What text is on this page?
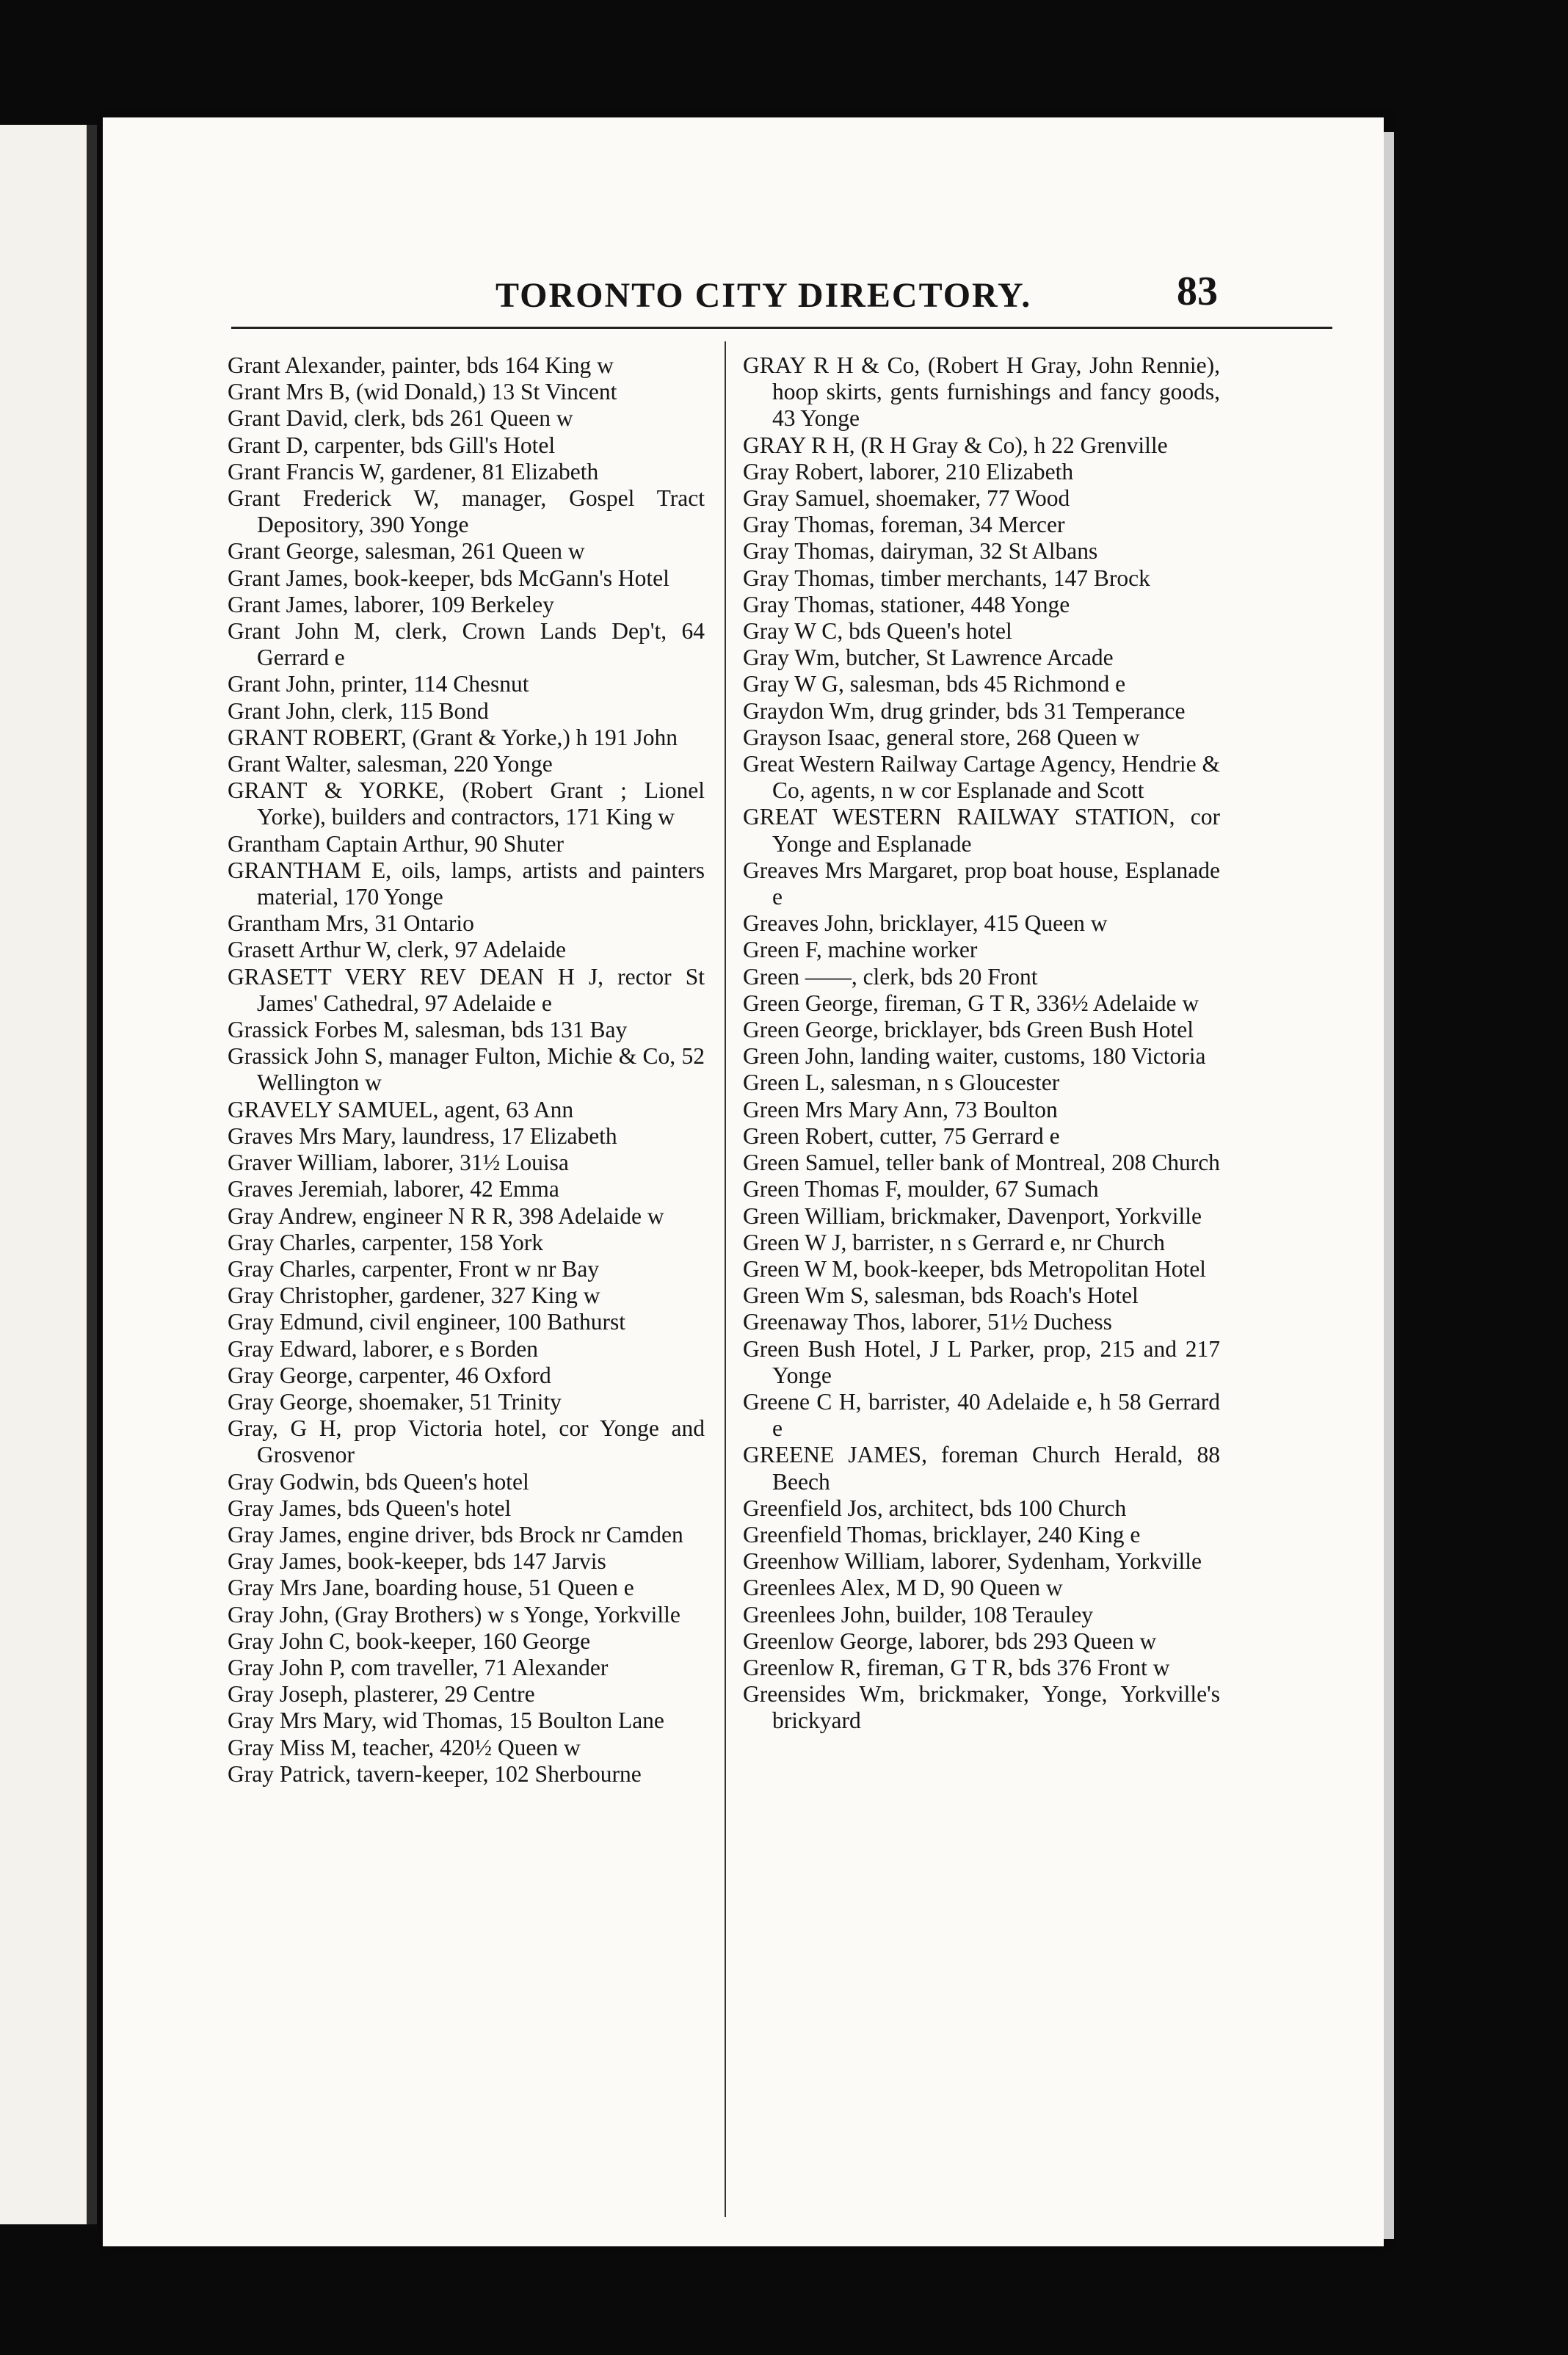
TORONTO CITY DIRECTORY.	83
Grant Alexander, painter, bds 164 King w
Grant Mrs B, (wid Donald,) 13 St Vincent
Grant David, clerk, bds 261 Queen w
Grant D, carpenter, bds Gill's Hotel
Grant Francis W, gardener, 81 Elizabeth
Grant Frederick W, manager, Gospel Tract Depository, 390 Yonge
Grant George, salesman, 261 Queen w
Grant James, book-keeper, bds McGann's Hotel
Grant James, laborer, 109 Berkeley
Grant John M, clerk, Crown Lands Dep't, 64 Gerrard e
Grant John, printer, 114 Chesnut
Grant John, clerk, 115 Bond
GRANT ROBERT, (Grant & Yorke,) h 191 John
Grant Walter, salesman, 220 Yonge
GRANT & YORKE, (Robert Grant ; Lionel Yorke), builders and contractors, 171 King w
Grantham Captain Arthur, 90 Shuter
GRANTHAM E, oils, lamps, artists and painters material, 170 Yonge
Grantham Mrs, 31 Ontario
Grasett Arthur W, clerk, 97 Adelaide
GRASETT VERY REV DEAN H J, rector St James' Cathedral, 97 Adelaide e
Grassick Forbes M, salesman, bds 131 Bay
Grassick John S, manager Fulton, Michie & Co, 52 Wellington w
GRAVELY SAMUEL, agent, 63 Ann
Graves Mrs Mary, laundress, 17 Elizabeth
Graver William, laborer, 31½ Louisa
Graves Jeremiah, laborer, 42 Emma
Gray Andrew, engineer N R R, 398 Adelaide w
Gray Charles, carpenter, 158 York
Gray Charles, carpenter, Front w nr Bay
Gray Christopher, gardener, 327 King w
Gray Edmund, civil engineer, 100 Bathurst
Gray Edward, laborer, e s Borden
Gray George, carpenter, 46 Oxford
Gray George, shoemaker, 51 Trinity
Gray, G H, prop Victoria hotel, cor Yonge and Grosvenor
Gray Godwin, bds Queen's hotel
Gray James, bds Queen's hotel
Gray James, engine driver, bds Brock nr Camden
Gray James, book-keeper, bds 147 Jarvis
Gray Mrs Jane, boarding house, 51 Queen e
Gray John, (Gray Brothers) w s Yonge, Yorkville
Gray John C, book-keeper, 160 George
Gray John P, com traveller, 71 Alexander
Gray Joseph, plasterer, 29 Centre
Gray Mrs Mary, wid Thomas, 15 Boulton Lane
Gray Miss M, teacher, 420½ Queen w
Gray Patrick, tavern-keeper, 102 Sherbourne
GRAY R H & Co, (Robert H Gray, John Rennie), hoop skirts, gents furnishings and fancy goods, 43 Yonge
GRAY R H, (R H Gray & Co), h 22 Grenville
Gray Robert, laborer, 210 Elizabeth
Gray Samuel, shoemaker, 77 Wood
Gray Thomas, foreman, 34 Mercer
Gray Thomas, dairyman, 32 St Albans
Gray Thomas, timber merchants, 147 Brock
Gray Thomas, stationer, 448 Yonge
Gray W C, bds Queen's hotel
Gray Wm, butcher, St Lawrence Arcade
Gray W G, salesman, bds 45 Richmond e
Graydon Wm, drug grinder, bds 31 Temperance
Grayson Isaac, general store, 268 Queen w
Great Western Railway Cartage Agency, Hendrie & Co, agents, n w cor Esplanade and Scott
GREAT WESTERN RAILWAY STATION, cor Yonge and Esplanade
Greaves Mrs Margaret, prop boat house, Esplanade e
Greaves John, bricklayer, 415 Queen w
Green F, machine worker
Green ——, clerk, bds 20 Front
Green George, fireman, G T R, 336½ Adelaide w
Green George, bricklayer, bds Green Bush Hotel
Green John, landing waiter, customs, 180 Victoria
Green L, salesman, n s Gloucester
Green Mrs Mary Ann, 73 Boulton
Green Robert, cutter, 75 Gerrard e
Green Samuel, teller bank of Montreal, 208 Church
Green Thomas F, moulder, 67 Sumach
Green William, brickmaker, Davenport, Yorkville
Green W J, barrister, n s Gerrard e, nr Church
Green W M, book-keeper, bds Metropolitan Hotel
Green Wm S, salesman, bds Roach's Hotel
Greenaway Thos, laborer, 51½ Duchess
Green Bush Hotel, J L Parker, prop, 215 and 217 Yonge
Greene C H, barrister, 40 Adelaide e, h 58 Gerrard e
GREENE JAMES, foreman Church Herald, 88 Beech
Greenfield Jos, architect, bds 100 Church
Greenfield Thomas, bricklayer, 240 King e
Greenhow William, laborer, Sydenham, Yorkville
Greenlees Alex, M D, 90 Queen w
Greenlees John, builder, 108 Terauley
Greenlow George, laborer, bds 293 Queen w
Greenlow R, fireman, G T R, bds 376 Front w
Greensides Wm, brickmaker, Yonge, Yorkville's brickyard
